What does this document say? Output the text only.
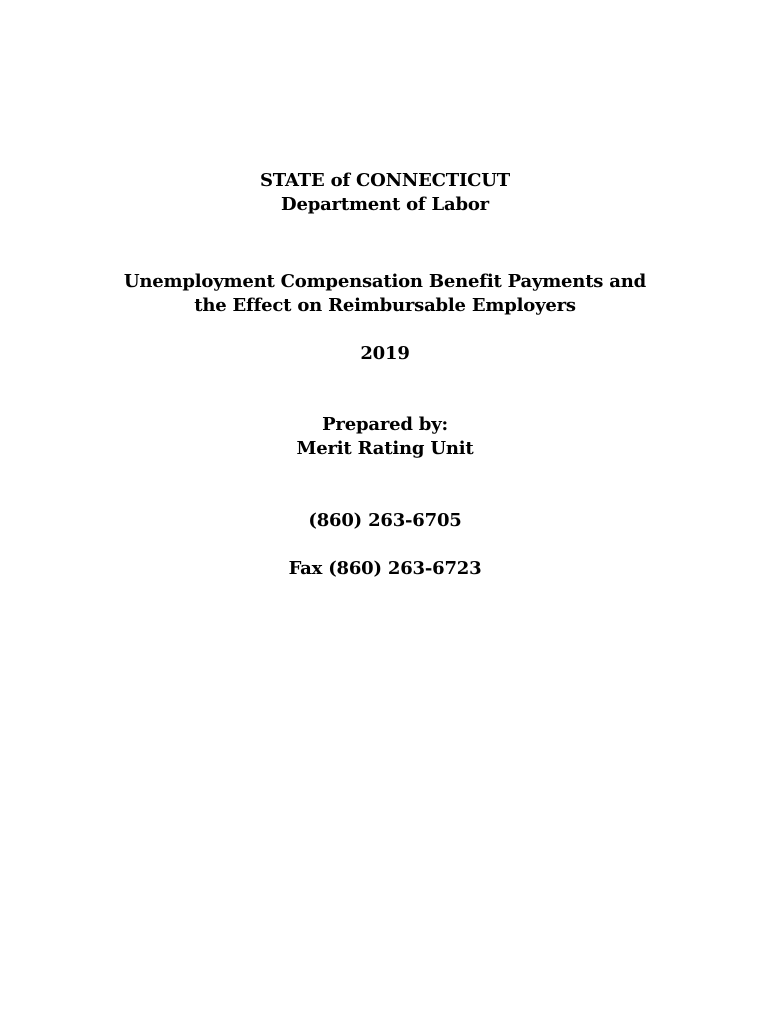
STATE of CONNECTICUT
Department of Labor
Unemployment Compensation Benefit Payments and
the Effect on Reimbursable Employers
2019
Prepared by:
Merit Rating Unit
(860) 263-6705
Fax (860) 263-6723
